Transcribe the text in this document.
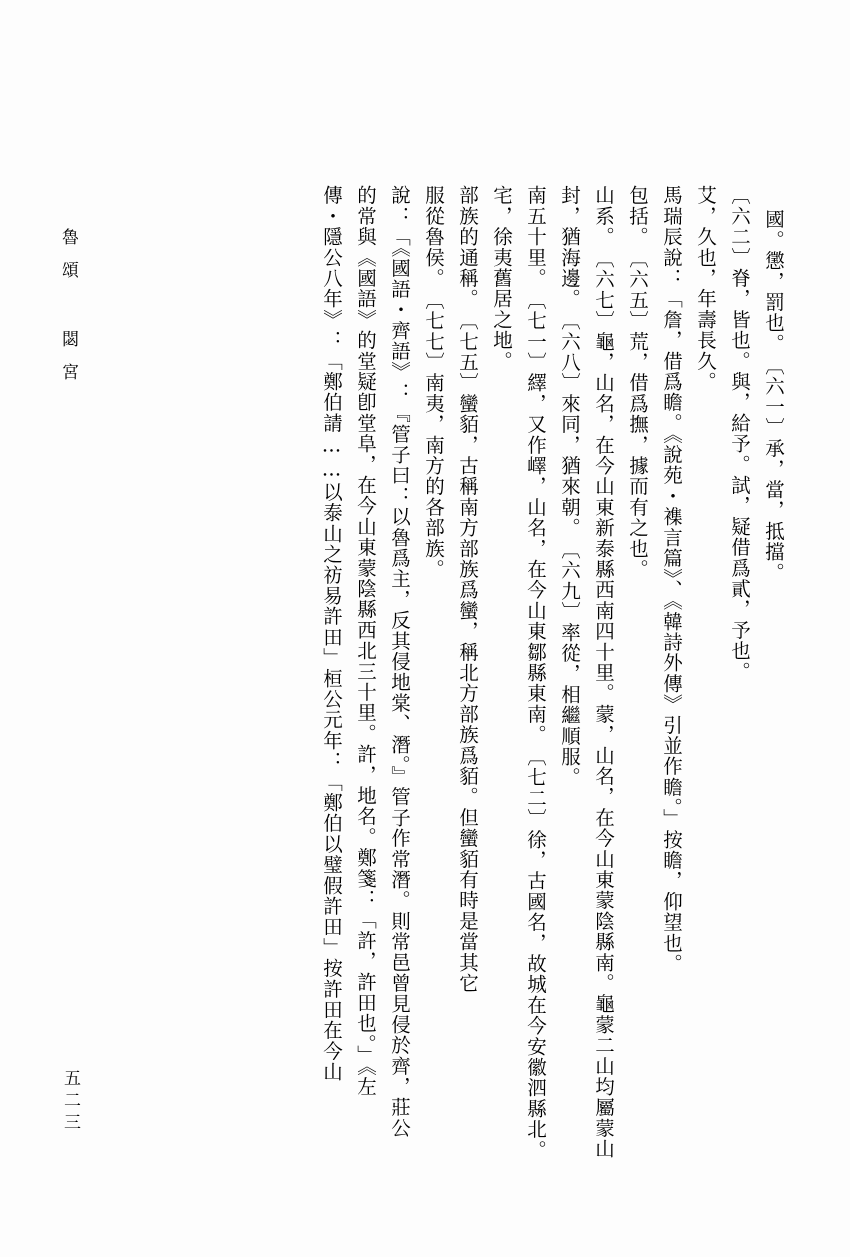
魯頌 閟宮
五二三
國。懲，罰也。　〔六一〕承，當，抵擋。
〔六二〕脊，皆也。與，給予。試，疑借爲貳，予也。
艾，久也，年壽長久。
馬瑞辰說：「詹，借爲瞻。《說苑・襍言篇》、《韓詩外傳》引並作瞻。」按瞻，仰望也。
包括。　〔六五〕荒，借爲撫，據而有之也。
山系。　〔六七〕龜，山名，在今山東新泰縣西南四十里。蒙，山名，在今山東蒙陰縣南。龜蒙二山均屬蒙山
封，猶海邊。　〔六八〕來同，猶來朝。　〔六九〕率從，相繼順服。
南五十里。　〔七一〕繹，又作嶧，山名，在今山東鄒縣東南。　〔七二〕徐，古國名，故城在今安徽泗縣北。
宅，徐夷舊居之地。
部族的通稱。　〔七五〕蠻貊，古稱南方部族爲蠻，稱北方部族爲貊。但蠻貊有時是當其它
服從魯侯。　〔七七〕南夷，南方的各部族。
說：「《國語・齊語》：『管子曰：以魯爲主，反其侵地棠、潛。』管子作常潛。則常邑曾見侵於齊，莊公
的常與《國語》的堂疑卽堂阜，在今山東蒙陰縣西北三十里。許，地名。鄭箋：「許，許田也。」《左
傳・隱公八年》：「鄭伯請……以泰山之祊易許田」桓公元年：「鄭伯以璧假許田」按許田在今山
